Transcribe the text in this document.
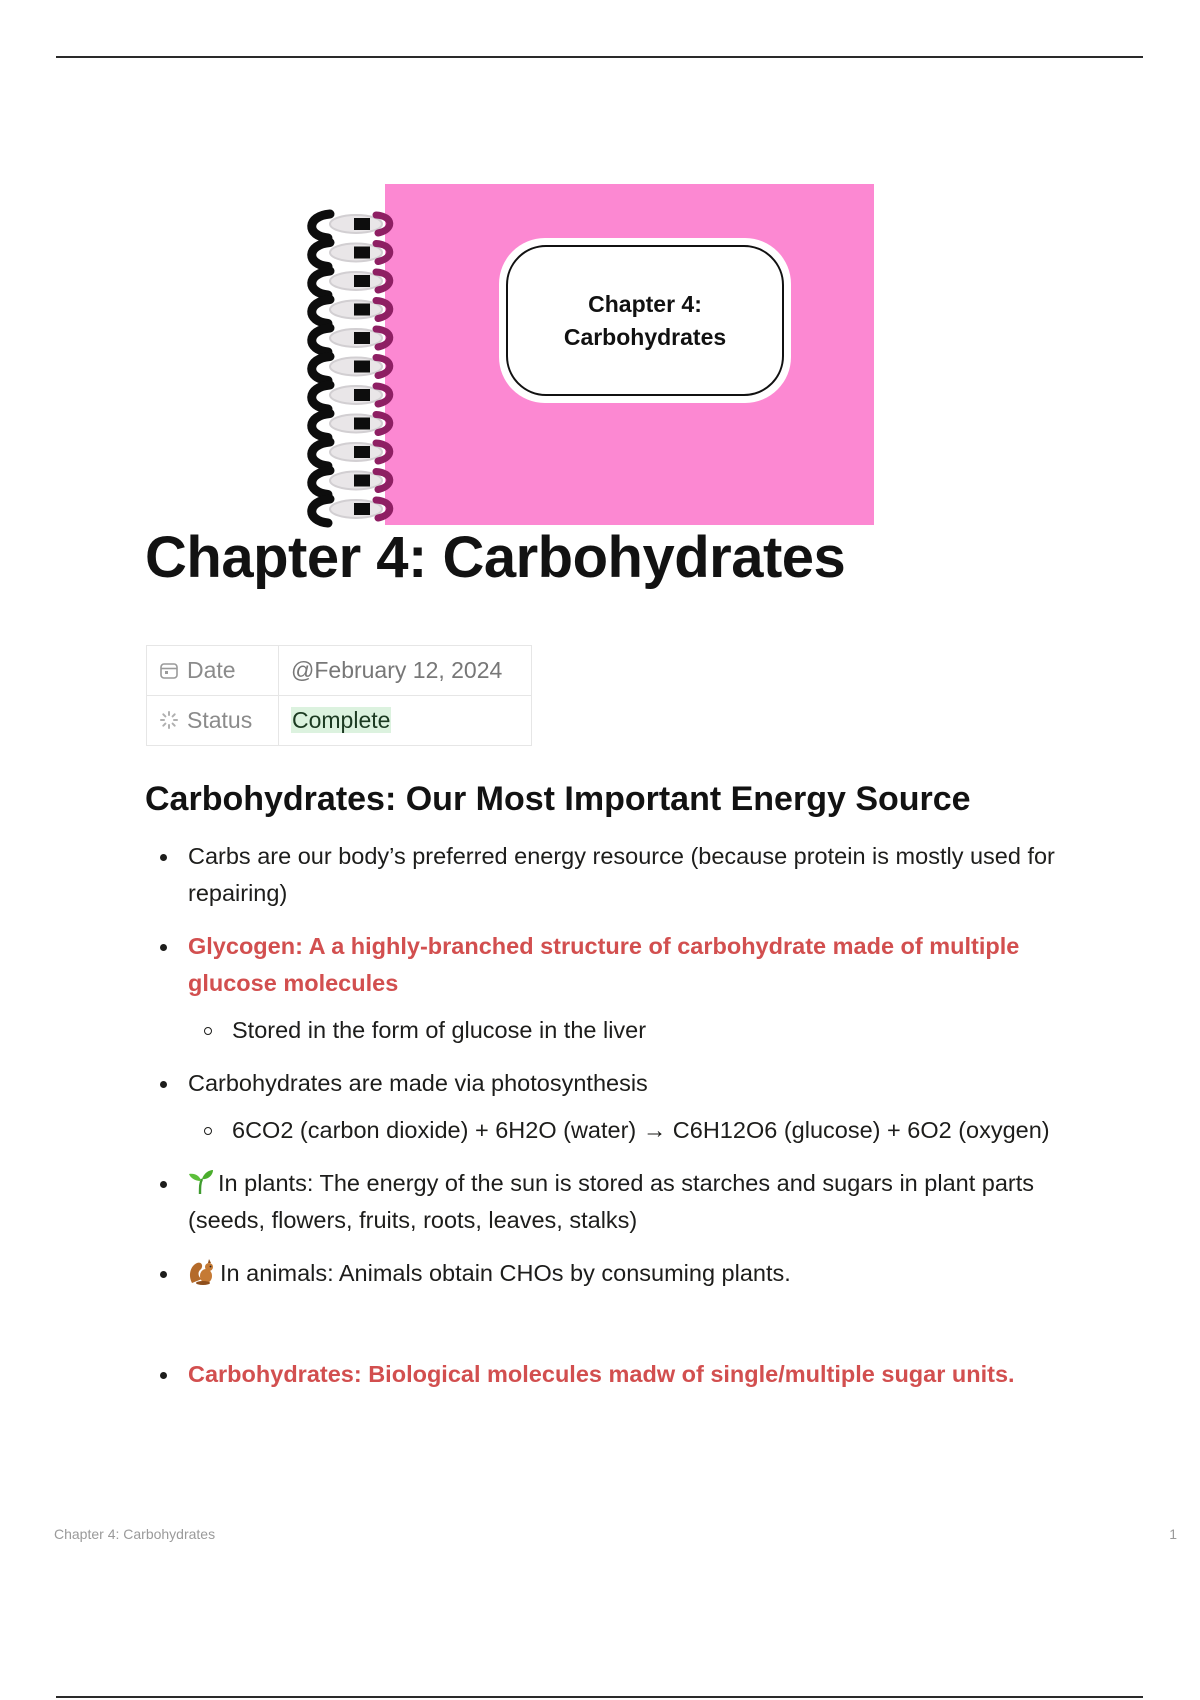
Chapter 4:
Carbohydrates
Chapter 4: Carbohydrates
Date	@February 12, 2024
Status	Complete
Carbohydrates: Our Most Important Energy Source
Carbs are our body’s preferred energy resource (because protein is mostly used for repairing)
Glycogen: A a highly-branched structure of carbohydrate made of multiple glucose molecules
Stored in the form of glucose in the liver
Carbohydrates are made via photosynthesis
6CO2 (carbon dioxide) + 6H2O (water) → C6H12O6 (glucose) + 6O2 (oxygen)
In plants: The energy of the sun is stored as starches and sugars in plant parts (seeds, flowers, fruits, roots, leaves, stalks)
In animals: Animals obtain CHOs by consuming plants.
Carbohydrates: Biological molecules madw of single/multiple sugar units.
Chapter 4: Carbohydrates	1
